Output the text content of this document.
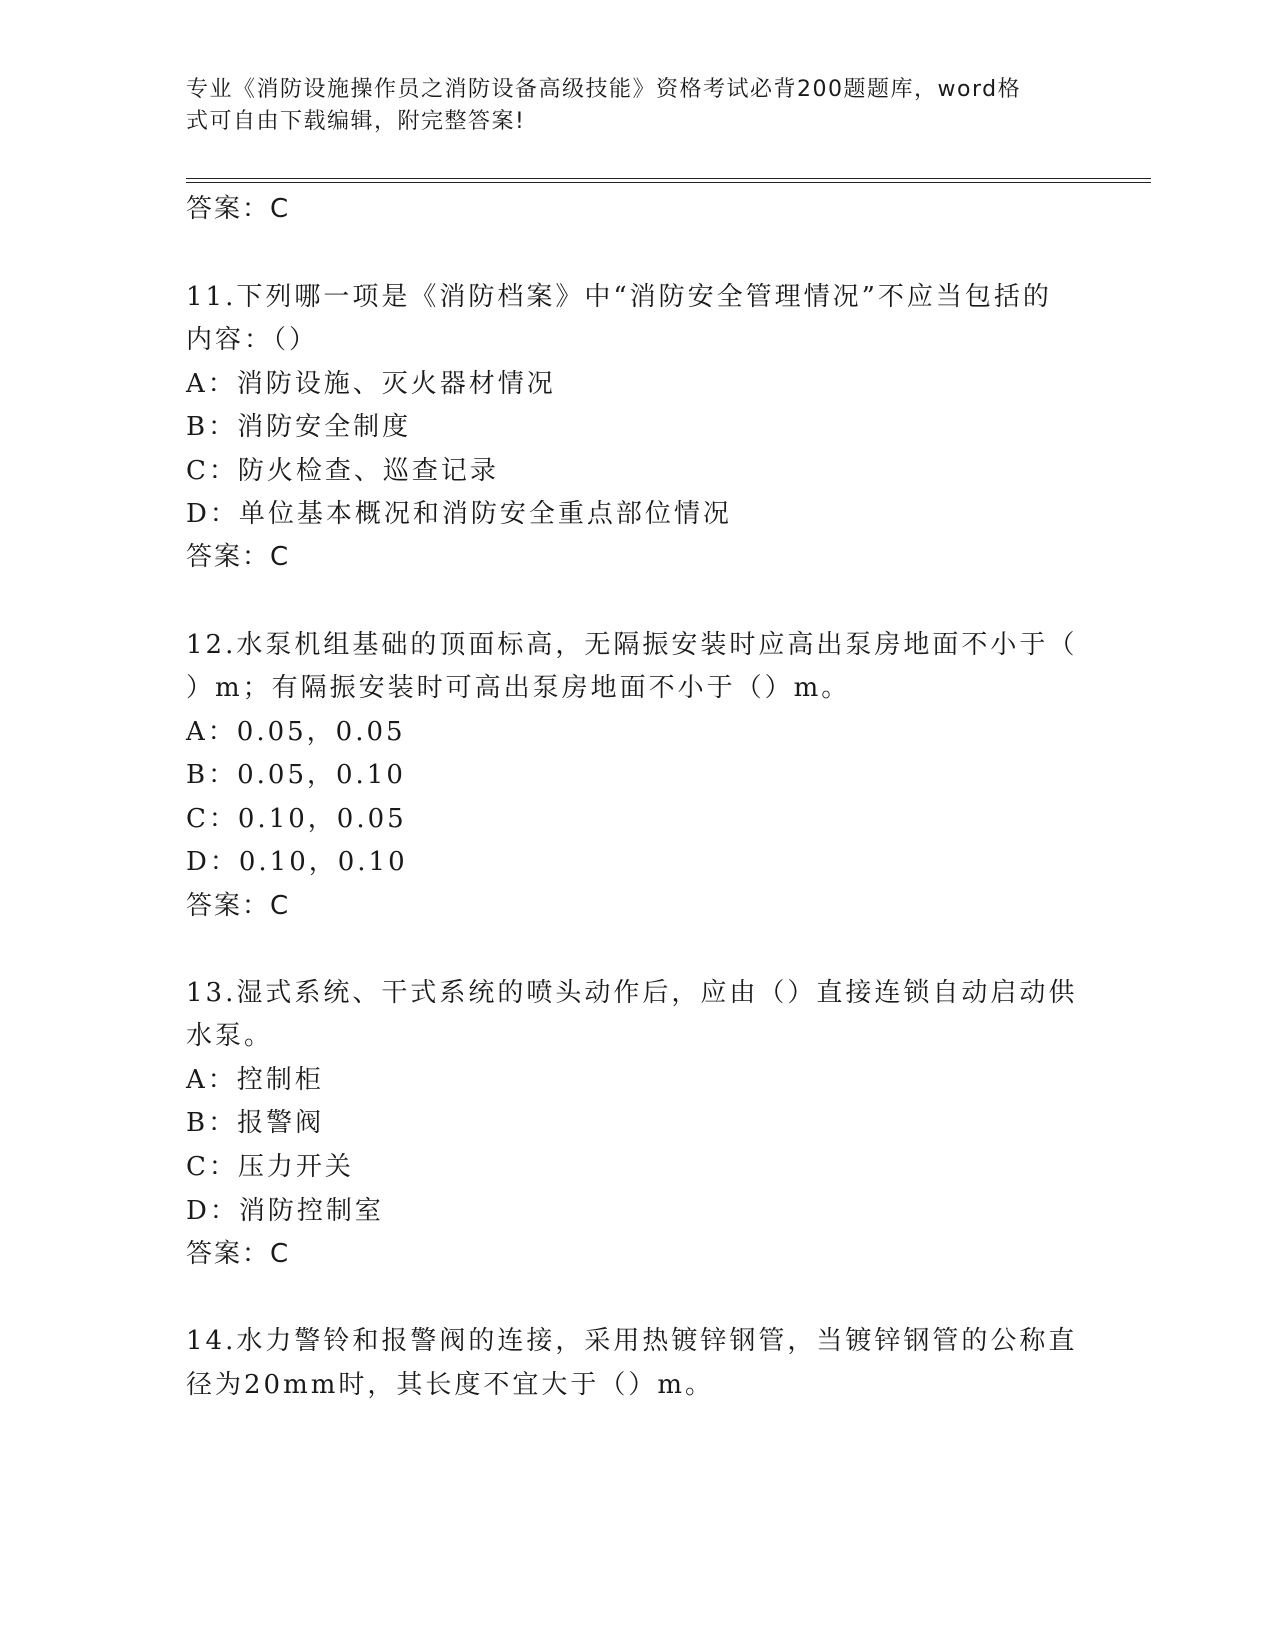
专业《消防设施操作员之消防设备高级技能》资格考试必背200题题库，word格
式可自由下载编辑，附完整答案!
答案：C
11.下列哪一项是《消防档案》中“消防安全管理情况”不应当包括的
内容：（）
A：消防设施、灭火器材情况
B：消防安全制度
C：防火检查、巡查记录
D：单位基本概况和消防安全重点部位情况
答案：C
12.水泵机组基础的顶面标高，无隔振安装时应高出泵房地面不小于（
）m；有隔振安装时可高出泵房地面不小于（）m。
A：0.05，0.05
B：0.05，0.10
C：0.10，0.05
D：0.10，0.10
答案：C
13.湿式系统、干式系统的喷头动作后，应由（）直接连锁自动启动供
水泵。
A：控制柜
B：报警阀
C：压力开关
D：消防控制室
答案：C
14.水力警铃和报警阀的连接，采用热镀锌钢管，当镀锌钢管的公称直
径为20mm时，其长度不宜大于（）m。
